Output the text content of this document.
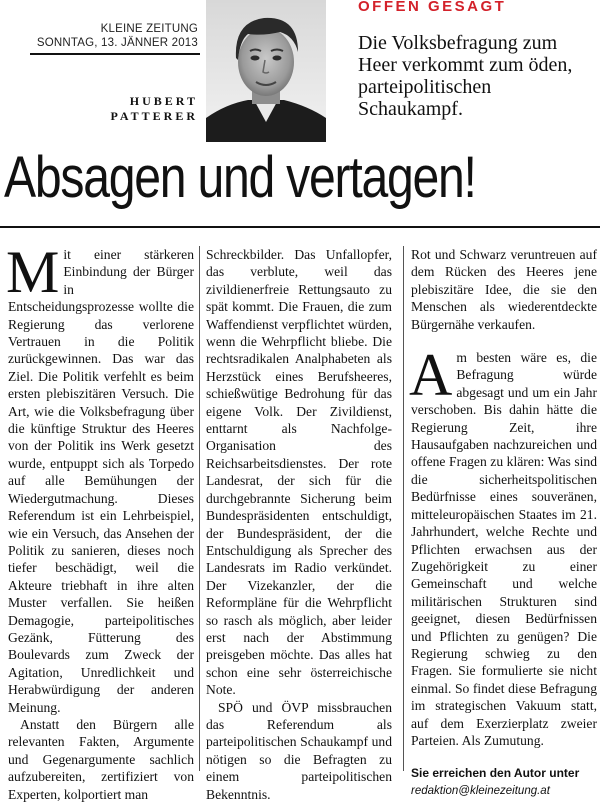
KLEINE ZEITUNG
SONNTAG, 13. JÄNNER 2013
HUBERT
PATTERER
OFFEN GESAGT
Die Volksbefragung zum Heer verkommt zum öden, parteipolitischen Schaukampf.
Absagen und vertagen!

Mit einer stärkeren Einbindung der Bürger in Entscheidungsprozesse wollte die Regierung das verlorene Vertrauen in die Politik zurückgewinnen. Das war das Ziel. Die Politik verfehlt es beim ersten plebiszitären Versuch. Die Art, wie die Volksbefragung über die künftige Struktur des Heeres von der Politik ins Werk gesetzt wurde, entpuppt sich als Torpedo auf alle Bemühungen der Wiedergutmachung. Dieses Referendum ist ein Lehrbeispiel, wie ein Versuch, das Ansehen der Politik zu sanieren, dieses noch tiefer beschädigt, weil die Akteure triebhaft in ihre alten Muster verfallen. Sie heißen Demagogie, parteipolitisches Gezänk, Fütterung des Boulevards zum Zweck der Agitation, Unredlichkeit und Herabwürdigung der anderen Meinung.

Anstatt den Bürgern alle relevanten Fakten, Argumente und Gegenargumente sachlich aufzubereiten, zertifiziert von Experten, kolportiert man

Schreckbilder. Das Unfallopfer, das verblute, weil das zivildienerfreie Rettungsauto zu spät kommt. Die Frauen, die zum Waffendienst verpflichtet würden, wenn die Wehrpflicht bliebe. Die rechtsradikalen Analphabeten als Herzstück eines Berufsheeres, schießwütige Bedrohung für das eigene Volk. Der Zivildienst, enttarnt als Nachfolge-Organisation des Reichsarbeitsdienstes. Der rote Landesrat, der sich für die durchgebrannte Sicherung beim Bundespräsidenten entschuldigt, der Bundespräsident, der die Entschuldigung als Sprecher des Landesrats im Radio verkündet. Der Vizekanzler, der die Reformpläne für die Wehrpflicht so rasch als möglich, aber leider erst nach der Abstimmung preisgeben möchte. Das alles hat schon eine sehr österreichische Note.

SPÖ und ÖVP missbrauchen das Referendum als parteipolitischen Schaukampf und nötigen so die Befragten zu einem parteipolitischen Bekenntnis.

Rot und Schwarz veruntreuen auf dem Rücken des Heeres jene plebiszitäre Idee, die sie den Menschen als wiederentdeckte Bürgernähe verkaufen.

Am besten wäre es, die Befragung würde abgesagt und um ein Jahr verschoben. Bis dahin hätte die Regierung Zeit, ihre Hausaufgaben nachzureichen und offene Fragen zu klären: Was sind die sicherheitspolitischen Bedürfnisse eines souveränen, mitteleuropäischen Staates im 21. Jahrhundert, welche Rechte und Pflichten erwachsen aus der Zugehörigkeit zu einer Gemeinschaft und welche militärischen Strukturen sind geeignet, diesen Bedürfnissen und Pflichten zu genügen? Die Regierung schwieg zu den Fragen. Sie formulierte sie nicht einmal. So findet diese Befragung im strategischen Vakuum statt, auf dem Exerzierplatz zweier Parteien. Als Zumutung.

Sie erreichen den Autor unter
redaktion@kleinezeitung.at
